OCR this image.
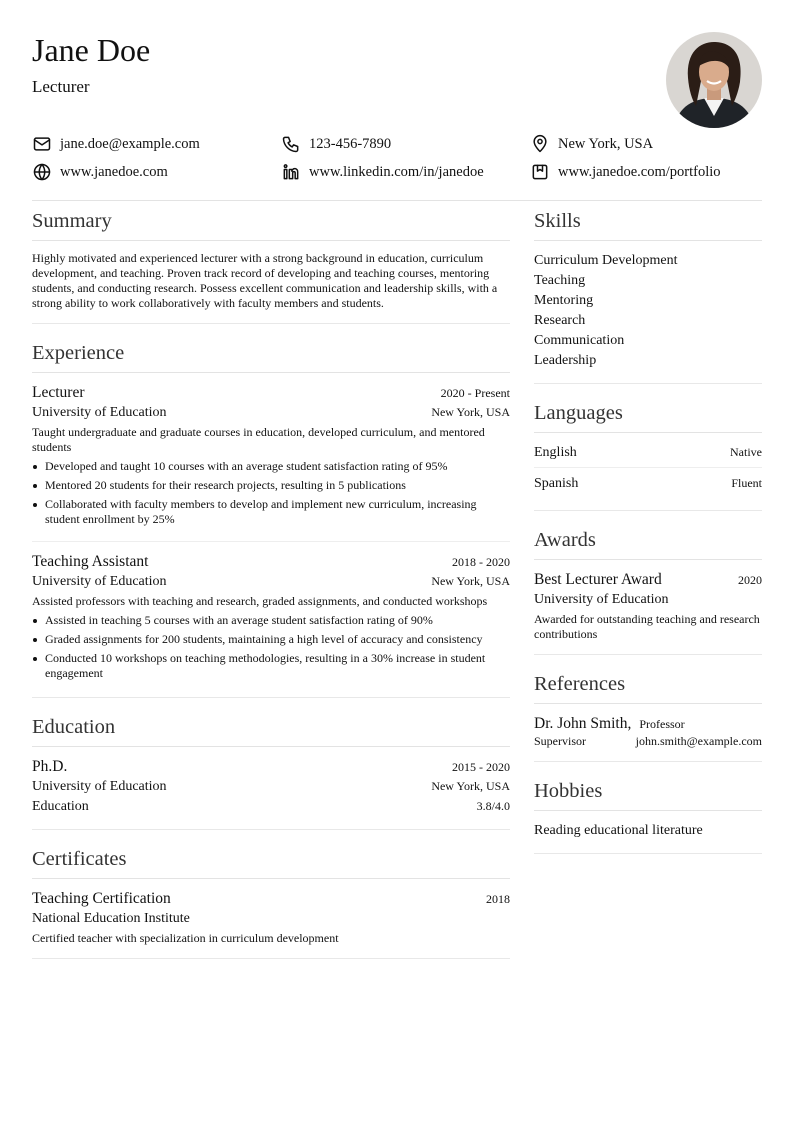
Jane Doe
Lecturer
jane.doe@example.com	123-456-7890	New York, USA
www.janedoe.com	www.linkedin.com/in/janedoe	www.janedoe.com/portfolio
Summary
Highly motivated and experienced lecturer with a strong background in education, curriculum development, and teaching. Proven track record of developing and teaching courses, mentoring students, and conducting research. Possess excellent communication and leadership skills, with a strong ability to work collaboratively with faculty members and students.
Experience
Lecturer	2020 - Present
University of Education	New York, USA
Taught undergraduate and graduate courses in education, developed curriculum, and mentored students
Developed and taught 10 courses with an average student satisfaction rating of 95%
Mentored 20 students for their research projects, resulting in 5 publications
Collaborated with faculty members to develop and implement new curriculum, increasing student enrollment by 25%
Teaching Assistant	2018 - 2020
University of Education	New York, USA
Assisted professors with teaching and research, graded assignments, and conducted workshops
Assisted in teaching 5 courses with an average student satisfaction rating of 90%
Graded assignments for 200 students, maintaining a high level of accuracy and consistency
Conducted 10 workshops on teaching methodologies, resulting in a 30% increase in student engagement
Education
Ph.D.	2015 - 2020
University of Education	New York, USA
Education	3.8/4.0
Certificates
Teaching Certification	2018
National Education Institute
Certified teacher with specialization in curriculum development
Skills
Curriculum Development
Teaching
Mentoring
Research
Communication
Leadership
Languages
English	Native
Spanish	Fluent
Awards
Best Lecturer Award	2020
University of Education
Awarded for outstanding teaching and research contributions
References
Dr. John Smith, Professor
Supervisor	john.smith@example.com
Hobbies
Reading educational literature
